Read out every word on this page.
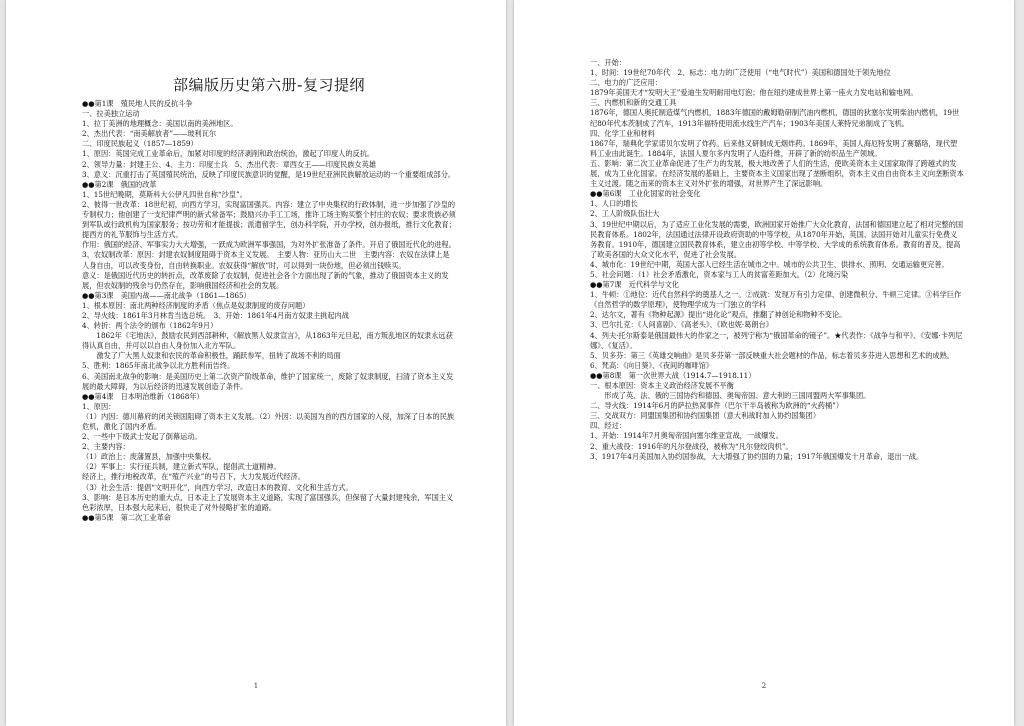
部编版历史第六册-复习提纲
●●第1课　殖民地人民的反抗斗争
一、拉美独立运动
1、拉丁美洲的地理概念：美国以南的美洲地区。
2、杰出代表：“南美解放者”——玻利瓦尔
二、印度民族起义（1857—1859）
1、原因：英国完成工业革命后，加紧对印度的经济剥削和政治统治，激起了印度人的反抗。
2、领导力量：封建王公、4、主力：印度士兵　5、杰出代表：章西女王——印度民族女英雄
3、意义：沉重打击了英国殖民统治，反映了印度民族意识的觉醒，是19世纪亚洲民族解放运动的一个重要组成部分。
●●第2课　俄国的改革
1、15世纪晚期，莫斯科大公伊凡四世自称“沙皇”。
2、彼得一世改革：18世纪初，向西方学习，实现富国强兵。内容：建立了中央集权的行政体制，进一步加强了沙皇的专制权力；他创建了一支纪律严明的新式常备军；鼓励兴办手工工场，推许工场主购买整个村庄的农奴；要求贵族必须到军队或行政机构为国家服务；按功劳和才能提拔；派遣留学生，创办科学院，开办学校，创办报纸，推行文化教育；提西方的礼节服饰与生活方式。
作用：俄国的经济、军事实力大大增强，一跃成为欧洲军事强国，为对外扩张准备了条件。开启了俄国近代化的进程。
3、农奴制改革：原因：封建农奴制度阻碍于资本主义发展。　主要人物：亚历山大二世　主要内容：农奴在法律上是人身自由，可以改变身份，自由转换职业。农奴获得“解放”时，可以得到一块份地，但必须出钱赎买。
意义：是俄国近代历史的转折点，改革废除了农奴制，促进社会各个方面出现了新的气象，推动了俄国资本主义的发展，但农奴制的残余与仍然存在，影响俄国经济和社会的发展。
●●第3课　美国内战——南北战争（1861—1865）
1、根本原因：南北两种经济制度的矛盾（焦点是奴隶制度的废存问题）
2、导火线：1861年3月林肯当选总统。　3、开始：1861年4月南方奴隶主挑起内战
4、转折：两个法令的颁布（1862年9月）
　　1862年《宅地法》，鼓励农民到西部耕种，《解放黑人奴隶宣言》，从1863年元旦起，南方叛乱地区的奴隶永远获得认真自由，并可以以自由人身份加入北方军队。
　　激发了广大黑人奴隶和农民的革命积极性，踊跃参军，扭转了战场不利的局面
5、胜利：1865年南北战争以北方胜利而告终。
6、美国南北战争的影响：是美国历史上第二次资产阶级革命，维护了国家统一，废除了奴隶制度，扫清了资本主义发展的最大障碍，为以后经济的迅速发展创造了条件。
●●第4课　日本明治维新（1868年）
1、原因：
（1）内因：德川幕府的闭关锁国阻碍了资本主义发展。（2）外因：以美国为首的西方国家的入侵，加深了日本的民族危机，激化了国内矛盾。
2、一些中下级武士发起了倒幕运动。
2、主要内容：
（1）政治上：废藩置县，加强中央集权。
（2）军事上：实行征兵制，建立新式军队，提倡武士道精神。
经济上，推行地税改革，在“殖产兴业”的号召下，大力发展近代经济。
（3）社会生活：提倡“文明开化”，向西方学习，改造日本的教育、文化和生活方式。
3、影响：是日本历史的重大点，日本走上了发展资本主义道路，实现了富国强兵，但保留了大量封建残余，军国主义色彩浓厚，日本强大起来后，很快走了对外侵略扩张的道路。
●●第5课　第二次工业革命
1
一、开始：
1、时间：19世纪70年代　2、标志：电力的广泛使用（“电气时代”）美国和德国处于领先地位
二、电力的广泛应用：
1879年美国天才“发明大王”爱迪生发明耐用电灯泡；他在纽约建成世界上第一座火力发电站和输电网。
三、内燃机和新的交通工具
1876年，德国人奥托制造煤气内燃机，1883年德国的戴姆勒研制汽油内燃机，德国的狄塞尔发明柴油内燃机，19世纪80年代本茨制成了汽车，1913年福特使用流水线生产汽车；1903年美国人莱特兄弟制成了飞机。
四、化学工业和材料
1867年，瑞典化学家诺贝尔发明了炸药。后来他又研制成无烟炸药。1869年，美国人海厄特发明了赛璐珞，现代塑料工业由此诞生。1884年，法国人夏尔多内发明了人造纤维，开辟了新的纺织品生产领域。
五、影响：第二次工业革命促进了生产力的发展，极大地改善了人们的生活，使欧美资本主义国家取得了跨越式的发展，成为工业化国家。在经济发展的基础上，主要资本主义国家出现了垄断组织，资本主义由自由资本主义向垄断资本主义过渡。随之而来的资本主义对外扩张的增强，对世界产生了深远影响。
●●第6课　工业化国家的社会变化
1、人口的增长
2、工人阶级队伍壮大
3、19世纪中期以后，为了适应工业化发展的需要，欧洲国家开始推广大众化教育，法国和德国建立起了相对完整的国民教育体系。1802年，法国通过法律开设政府资助的中等学校，从1870年开始，英国、法国开始对儿童实行免费义务教育。1910年，德国建立国民教育体系，建立由初等学校、中等学校、大学成的系统教育体系。教育的普及，提高了欧美各国的大众文化水平，促进了社会发展。
4、城市化：19世纪中期，英国大部人已经生活在城市之中。城市的公共卫生、供排水、照明、交通运输更完善。
5、社会问题：（1）社会矛盾激化，资本家与工人的贫富差距加大。（2）化境污染
●●第7课　近代科学与文化
1、牛顿：①地位：近代自然科学的奠基人之一。②成就：发现万有引力定律、创建微积分、牛顿三定律。③科学巨作《自然哲学的数学原理》，使物理学成为一门独立的学科
2、达尔文，著有《物种起源》提出“进化论”观点，推翻了神创论和物种不变论。
3、巴尔扎克：《人间喜剧》、《高老头》、《欧也妮·葛朗台》
4、列夫·托尔斯泰是俄国最伟大的作家之一，被列宁称为“俄国革命的镜子”。★代表作：《战争与和平》、《安娜·卡列尼娜》、《复活》。
5、贝多芬：第三《英雄交响曲》是贝多芬第一部反映重大社会题材的作品，标志着贝多芬进入思想和艺术的成熟。
6、梵高：《向日葵》、《夜间的咖啡馆》
●●第8课　第一次世界大战（1914.7—1918.11）
一、根本原因：资本主义政治经济发展不平衡
　　形成了英、法、俄的三国协约和德国、奥匈帝国、意大利的三国同盟两大军事集团。
二、导火线：1914年6月的萨拉热窝事件（巴尔干半岛被称为欧洲的“火药桶”）
三、交战双方：同盟国集团和协约国集团（意大利战时加入协约国集团）
四、经过：
1、开始：1914年7月奥匈帝国向塞尔维亚宣战，一战爆发。
2、重大战役：1916年的凡尔登战役，被称为“凡尔登绞肉机”。
3、1917年4月美国加入协约国参战，大大增强了协约国的力量；1917年俄国爆发十月革命，退出一战。
2
